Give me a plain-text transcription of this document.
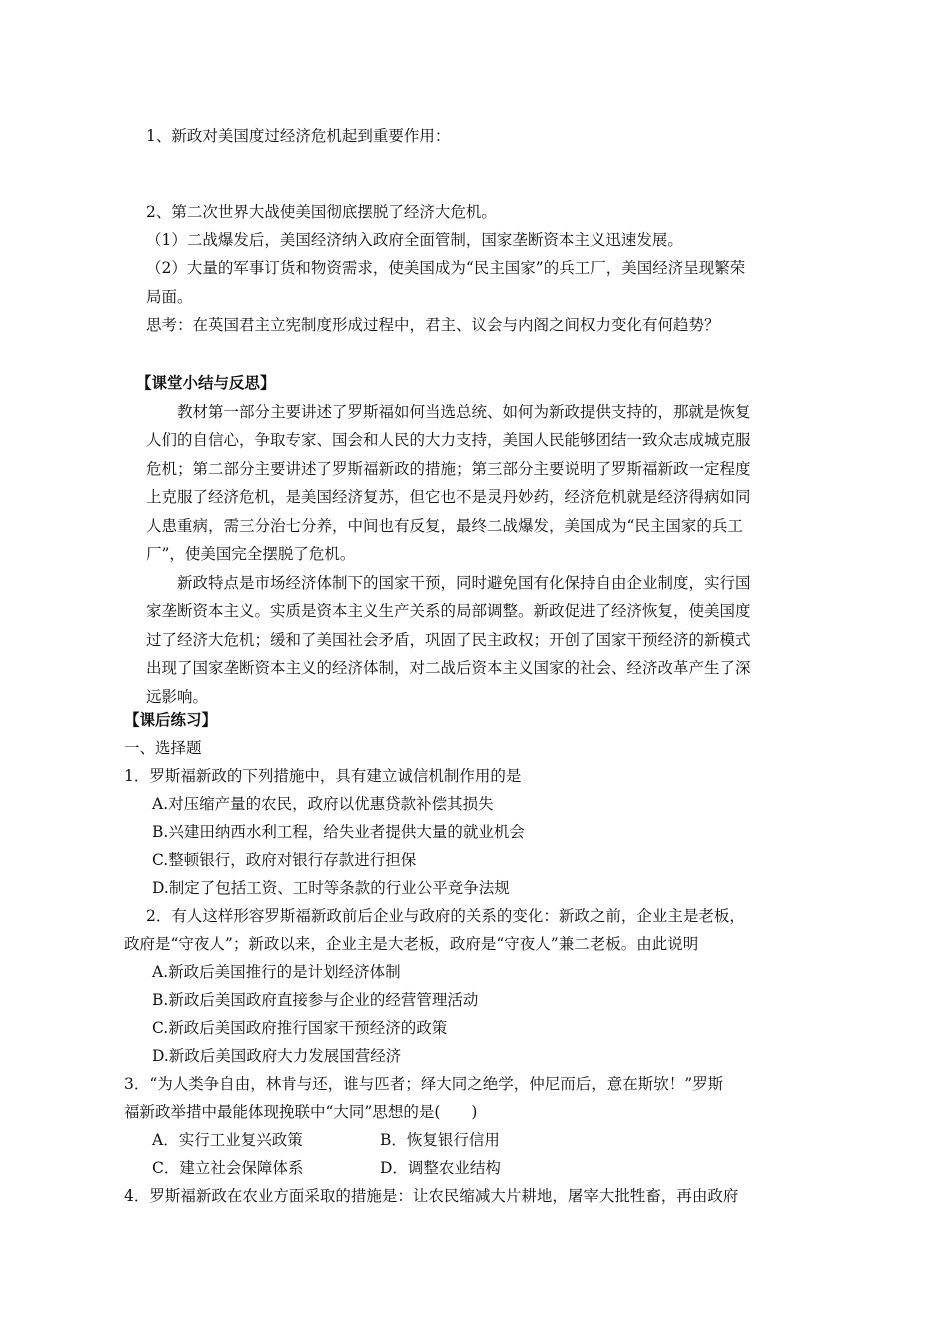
1、新政对美国度过经济危机起到重要作用：
2、第二次世界大战使美国彻底摆脱了经济大危机。
（1）二战爆发后，美国经济纳入政府全面管制，国家垄断资本主义迅速发展。
（2）大量的军事订货和物资需求，使美国成为“民主国家”的兵工厂，美国经济呈现繁荣
局面。
思考：在英国君主立宪制度形成过程中，君主、议会与内阁之间权力变化有何趋势？
【课堂小结与反思】
教材第一部分主要讲述了罗斯福如何当选总统、如何为新政提供支持的，那就是恢复
人们的自信心，争取专家、国会和人民的大力支持，美国人民能够团结一致众志成城克服
危机；第二部分主要讲述了罗斯福新政的措施；第三部分主要说明了罗斯福新政一定程度
上克服了经济危机，是美国经济复苏，但它也不是灵丹妙药，经济危机就是经济得病如同
人患重病，需三分治七分养，中间也有反复，最终二战爆发，美国成为“民主国家的兵工
厂”，使美国完全摆脱了危机。
新政特点是市场经济体制下的国家干预，同时避免国有化保持自由企业制度，实行国
家垄断资本主义。实质是资本主义生产关系的局部调整。新政促进了经济恢复，使美国度
过了经济大危机；缓和了美国社会矛盾，巩固了民主政权；开创了国家干预经济的新模式
出现了国家垄断资本主义的经济体制，对二战后资本主义国家的社会、经济改革产生了深
远影响。
【课后练习】
一、选择题
1．罗斯福新政的下列措施中，具有建立诚信机制作用的是
A.对压缩产量的农民，政府以优惠贷款补偿其损失
B.兴建田纳西水利工程，给失业者提供大量的就业机会
C.整顿银行，政府对银行存款进行担保
D.制定了包括工资、工时等条款的行业公平竞争法规
2．有人这样形容罗斯福新政前后企业与政府的关系的变化：新政之前，企业主是老板，
政府是“守夜人”；新政以来，企业主是大老板，政府是“守夜人”兼二老板。由此说明
A.新政后美国推行的是计划经济体制
B.新政后美国政府直接参与企业的经营管理活动
C.新政后美国政府推行国家干预经济的政策
D.新政后美国政府大力发展国营经济
3．“为人类争自由，林肯与还，谁与匹者；绎大同之绝学，仲尼而后，意在斯欤！”罗斯
福新政举措中最能体现挽联中“大同”思想的是(　　)
A．实行工业复兴政策	B．恢复银行信用
C．建立社会保障体系	D．调整农业结构
4．罗斯福新政在农业方面采取的措施是：让农民缩减大片耕地，屠宰大批牲畜，再由政府
